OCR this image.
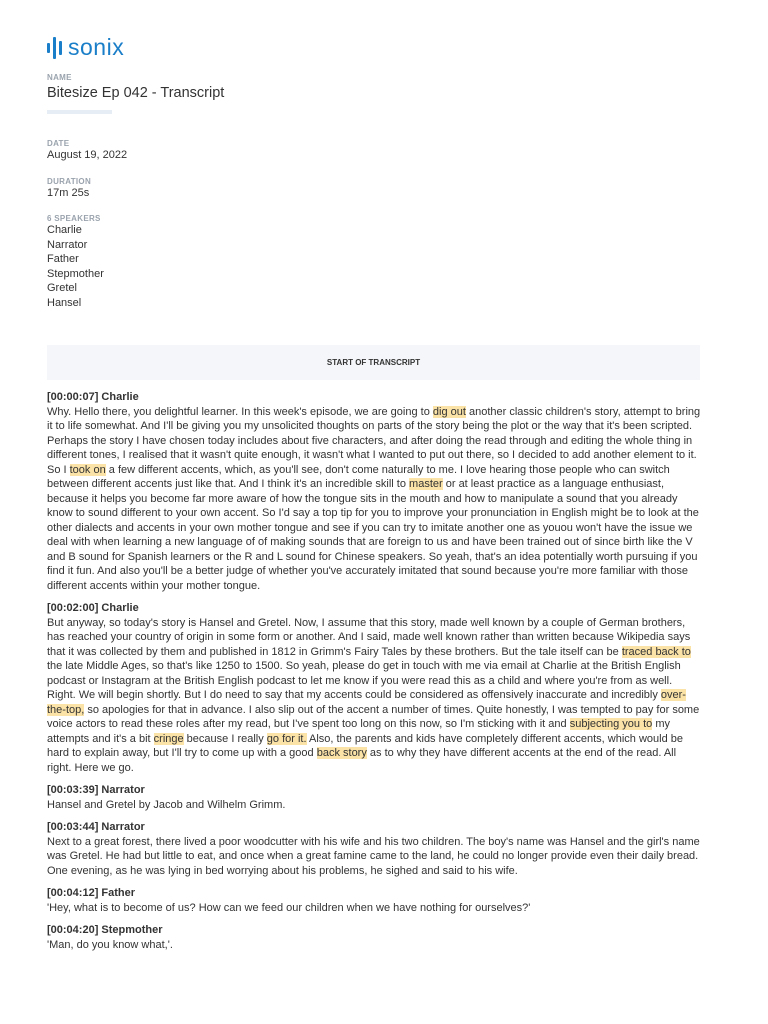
sonix
NAME
Bitesize Ep 042 - Transcript
DATE
August 19, 2022
DURATION
17m 25s
6 SPEAKERS
Charlie
Narrator
Father
Stepmother
Gretel
Hansel
START OF TRANSCRIPT
[00:00:07] Charlie
Why. Hello there, you delightful learner. In this week's episode, we are going to dig out another classic children's story, attempt to bring it to life somewhat. And I'll be giving you my unsolicited thoughts on parts of the story being the plot or the way that it's been scripted. Perhaps the story I have chosen today includes about five characters, and after doing the read through and editing the whole thing in different tones, I realised that it wasn't quite enough, it wasn't what I wanted to put out there, so I decided to add another element to it. So I took on a few different accents, which, as you'll see, don't come naturally to me. I love hearing those people who can switch between different accents just like that. And I think it's an incredible skill to master or at least practice as a language enthusiast, because it helps you become far more aware of how the tongue sits in the mouth and how to manipulate a sound that you already know to sound different to your own accent. So I'd say a top tip for you to improve your pronunciation in English might be to look at the other dialects and accents in your own mother tongue and see if you can try to imitate another one as youou won't have the issue we deal with when learning a new language of of making sounds that are foreign to us and have been trained out of since birth like the V and B sound for Spanish learners or the R and L sound for Chinese speakers. So yeah, that's an idea potentially worth pursuing if you find it fun. And also you'll be a better judge of whether you've accurately imitated that sound because you're more familiar with those different accents within your mother tongue.
[00:02:00] Charlie
But anyway, so today's story is Hansel and Gretel. Now, I assume that this story, made well known by a couple of German brothers, has reached your country of origin in some form or another. And I said, made well known rather than written because Wikipedia says that it was collected by them and published in 1812 in Grimm's Fairy Tales by these brothers. But the tale itself can be traced back to the late Middle Ages, so that's like 1250 to 1500. So yeah, please do get in touch with me via email at Charlie at the British English podcast or Instagram at the British English podcast to let me know if you were read this as a child and where you're from as well. Right. We will begin shortly. But I do need to say that my accents could be considered as offensively inaccurate and incredibly over-the-top, so apologies for that in advance. I also slip out of the accent a number of times. Quite honestly, I was tempted to pay for some voice actors to read these roles after my read, but I've spent too long on this now, so I'm sticking with it and subjecting you to my attempts and it's a bit cringe because I really go for it. Also, the parents and kids have completely different accents, which would be hard to explain away, but I'll try to come up with a good back story as to why they have different accents at the end of the read. All right. Here we go.
[00:03:39] Narrator
Hansel and Gretel by Jacob and Wilhelm Grimm.
[00:03:44] Narrator
Next to a great forest, there lived a poor woodcutter with his wife and his two children. The boy's name was Hansel and the girl's name was Gretel. He had but little to eat, and once when a great famine came to the land, he could no longer provide even their daily bread. One evening, as he was lying in bed worrying about his problems, he sighed and said to his wife.
[00:04:12] Father
'Hey, what is to become of us? How can we feed our children when we have nothing for ourselves?'
[00:04:20] Stepmother
'Man, do you know what,'.
